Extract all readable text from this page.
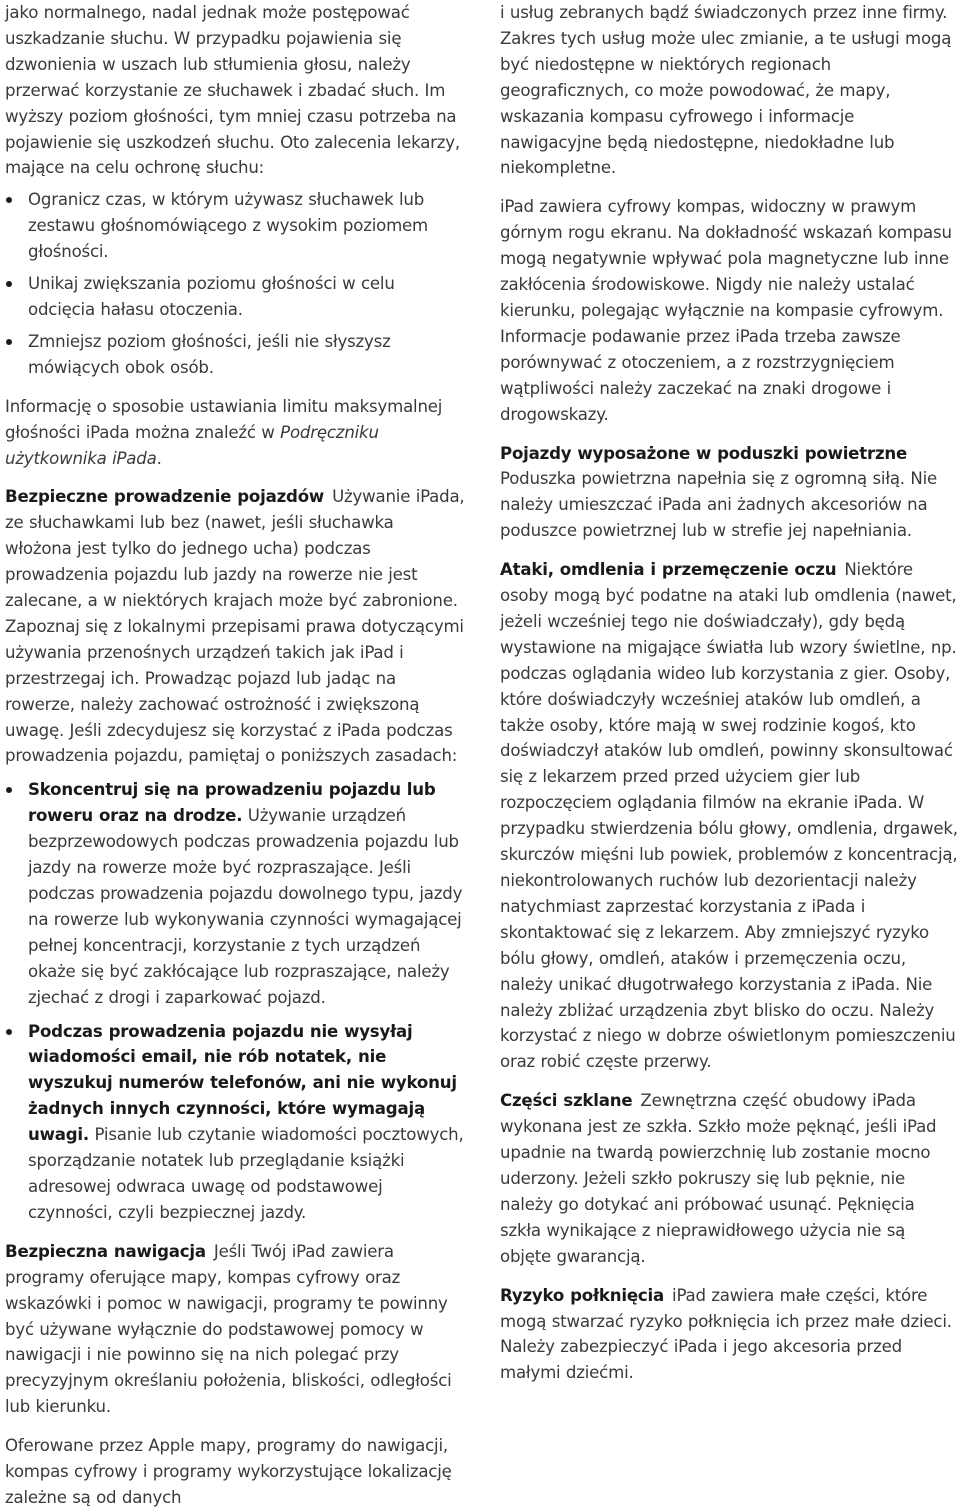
jako normalnego, nadal jednak może postępować uszkadzanie słuchu. W przypadku pojawienia się dzwonienia w uszach lub stłumienia głosu, należy przerwać korzystanie ze słuchawek i zbadać słuch. Im wyższy poziom głośności, tym mniej czasu potrzeba na pojawienie się uszkodzeń słuchu. Oto zalecenia lekarzy, mające na celu ochronę słuchu:

Ogranicz czas, w którym używasz słuchawek lub zestawu głośnomówiącego z wysokim poziomem głośności.
Unikaj zwiększania poziomu głośności w celu odcięcia hałasu otoczenia.
Zmniejsz poziom głośności, jeśli nie słyszysz mówiących obok osób.

Informację o sposobie ustawiania limitu maksymalnej głośności iPada można znaleźć w Podręczniku użytkownika iPada.

Bezpieczne prowadzenie pojazdów Używanie iPada, ze słuchawkami lub bez (nawet, jeśli słuchawka włożona jest tylko do jednego ucha) podczas prowadzenia pojazdu lub jazdy na rowerze nie jest zalecane, a w niektórych krajach może być zabronione. Zapoznaj się z lokalnymi przepisami prawa dotyczącymi używania przenośnych urządzeń takich jak iPad i przestrzegaj ich. Prowadząc pojazd lub jadąc na rowerze, należy zachować ostrożność i zwiększoną uwagę. Jeśli zdecydujesz się korzystać z iPada podczas prowadzenia pojazdu, pamiętaj o poniższych zasadach:

Skoncentruj się na prowadzeniu pojazdu lub roweru oraz na drodze. Używanie urządzeń bezprzewodowych podczas prowadzenia pojazdu lub jazdy na rowerze może być rozpraszające. Jeśli podczas prowadzenia pojazdu dowolnego typu, jazdy na rowerze lub wykonywania czynności wymagającej pełnej koncentracji, korzystanie z tych urządzeń okaże się być zakłócające lub rozpraszające, należy zjechać z drogi i zaparkować pojazd.
Podczas prowadzenia pojazdu nie wysyłaj wiadomości email, nie rób notatek, nie wyszukuj numerów telefonów, ani nie wykonuj żadnych innych czynności, które wymagają uwagi. Pisanie lub czytanie wiadomości pocztowych, sporządzanie notatek lub przeglądanie książki adresowej odwraca uwagę od podstawowej czynności, czyli bezpiecznej jazdy.

Bezpieczna nawigacja Jeśli Twój iPad zawiera programy oferujące mapy, kompas cyfrowy oraz wskazówki i pomoc w nawigacji, programy te powinny być używane wyłącznie do podstawowej pomocy w nawigacji i nie powinno się na nich polegać przy precyzyjnym określaniu położenia, bliskości, odległości lub kierunku.

Oferowane przez Apple mapy, programy do nawigacji, kompas cyfrowy i programy wykorzystujące lokalizację zależne są od danych

i usług zebranych bądź świadczonych przez inne firmy. Zakres tych usług może ulec zmianie, a te usługi mogą być niedostępne w niektórych regionach geograficznych, co może powodować, że mapy, wskazania kompasu cyfrowego i informacje nawigacyjne będą niedostępne, niedokładne lub niekompletne.

iPad zawiera cyfrowy kompas, widoczny w prawym górnym rogu ekranu. Na dokładność wskazań kompasu mogą negatywnie wpływać pola magnetyczne lub inne zakłócenia środowiskowe. Nigdy nie należy ustalać kierunku, polegając wyłącznie na kompasie cyfrowym. Informacje podawanie przez iPada trzeba zawsze porównywać z otoczeniem, a z rozstrzygnięciem wątpliwości należy zaczekać na znaki drogowe i drogowskazy.

Pojazdy wyposażone w poduszki powietrzne
Poduszka powietrzna napełnia się z ogromną siłą. Nie należy umieszczać iPada ani żadnych akcesoriów na poduszce powietrznej lub w strefie jej napełniania.

Ataki, omdlenia i przemęczenie oczu Niektóre osoby mogą być podatne na ataki lub omdlenia (nawet, jeżeli wcześniej tego nie doświadczały), gdy będą wystawione na migające światła lub wzory świetlne, np. podczas oglądania wideo lub korzystania z gier. Osoby, które doświadczyły wcześniej ataków lub omdleń, a także osoby, które mają w swej rodzinie kogoś, kto doświadczył ataków lub omdleń, powinny skonsultować się z lekarzem przed przed użyciem gier lub rozpoczęciem oglądania filmów na ekranie iPada. W przypadku stwierdzenia bólu głowy, omdlenia, drgawek, skurczów mięśni lub powiek, problemów z koncentracją, niekontrolowanych ruchów lub dezorientacji należy natychmiast zaprzestać korzystania z iPada i skontaktować się z lekarzem. Aby zmniejszyć ryzyko bólu głowy, omdleń, ataków i przemęczenia oczu, należy unikać długotrwałego korzystania z iPada. Nie należy zbliżać urządzenia zbyt blisko do oczu. Należy korzystać z niego w dobrze oświetlonym pomieszczeniu oraz robić częste przerwy.

Części szklane Zewnętrzna część obudowy iPada wykonana jest ze szkła. Szkło może pęknąć, jeśli iPad upadnie na twardą powierzchnię lub zostanie mocno uderzony. Jeżeli szkło pokruszy się lub pęknie, nie należy go dotykać ani próbować usunąć. Pęknięcia szkła wynikające z nieprawidłowego użycia nie są objęte gwarancją.

Ryzyko połknięcia iPad zawiera małe części, które mogą stwarzać ryzyko połknięcia ich przez małe dzieci. Należy zabezpieczyć iPada i jego akcesoria przed małymi dziećmi.
